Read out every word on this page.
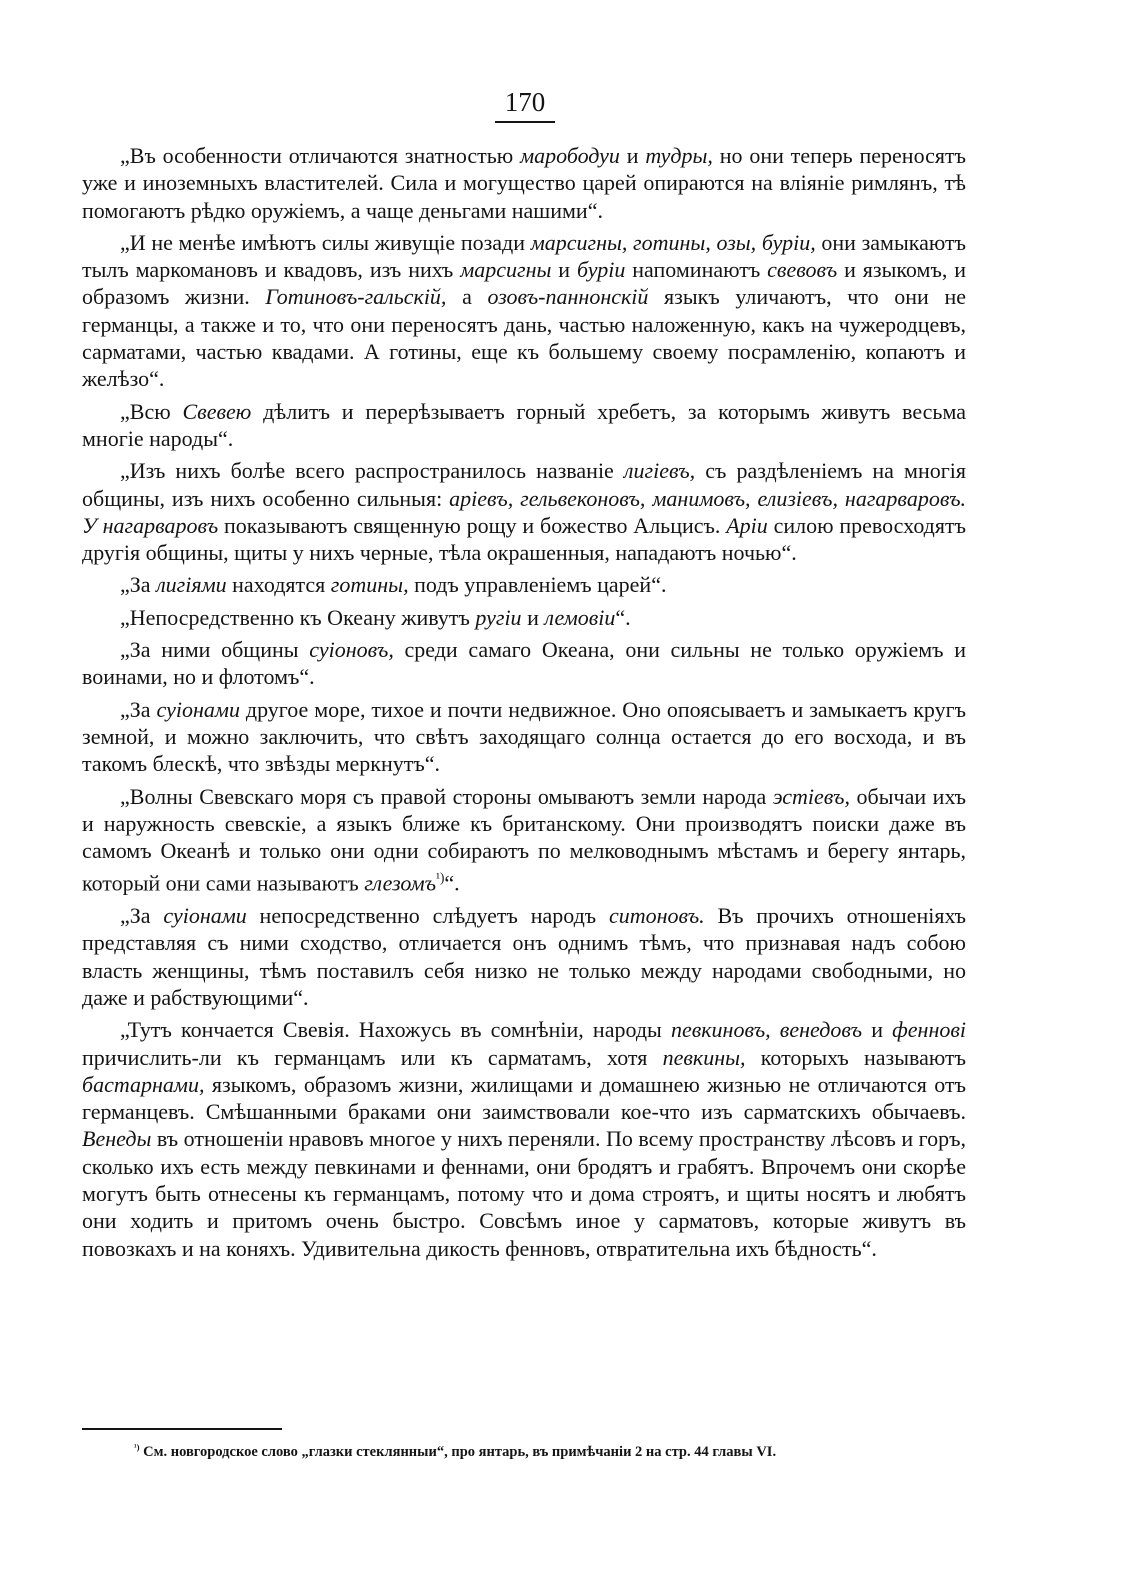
170

„Въ особенности отличаются знатностью марободуи и тудры, но они теперь переносятъ уже и иноземныхъ властителей. Сила и могущество царей опираются на вліяніе римлянъ, тѣ помогаютъ рѣдко оружіемъ, а чаще деньгами нашими“.

„И не менѣе имѣютъ силы живущіе позади марсигны, готины, озы, буріи, они замыкаютъ тылъ маркомановъ и квадовъ, изъ нихъ марсигны и буріи напоминаютъ свевовъ и языкомъ, и образомъ жизни. Готиновъ-гальскій, а озовъ-паннонскій языкъ уличаютъ, что они не германцы, а также и то, что они переносятъ дань, частью наложенную, какъ на чужеродцевъ, сарматами, частью квадами. А готины, еще къ большему своему посрамленію, копаютъ и желѣзо“.

„Всю Свевею дѣлитъ и перерѣзываетъ горный хребетъ, за которымъ живутъ весьма многіе народы“.

„Изъ нихъ болѣе всего распространилось названіе лигіевъ, съ раздѣленіемъ на многія общины, изъ нихъ особенно сильныя: аріевъ, гельвеконовъ, манимовъ, елизіевъ, нагарваровъ. У нагарваровъ показываютъ священную рощу и божество Альцисъ. Аріи силою превосходятъ другія общины, щиты у нихъ черные, тѣла окрашенныя, нападаютъ ночью“.

„За лигіями находятся готины, подъ управленіемъ царей“.

„Непосредственно къ Океану живутъ ругіи и лемовіи“.

„За ними общины суіоновъ, среди самаго Океана, они сильны не только оружіемъ и воинами, но и флотомъ“.

„За суіонами другое море, тихое и почти недвижное. Оно опоясываетъ и замыкаетъ кругъ земной, и можно заключить, что свѣтъ заходящаго солнца остается до его восхода, и въ такомъ блескѣ, что звѣзды меркнутъ“.

„Волны Свевскаго моря съ правой стороны омываютъ земли народа эстіевъ, обычаи ихъ и наружность свевскіе, а языкъ ближе къ британскому. Они производятъ поиски даже въ самомъ Океанѣ и только они одни собираютъ по мелководнымъ мѣстамъ и берегу янтарь, который они сами называютъ глезомъ$^{^1)}$“.

„За суіонами непосредственно слѣдуетъ народъ ситоновъ. Въ прочихъ отношеніяхъ представляя съ ними сходство, отличается онъ однимъ тѣмъ, что признавая надъ собою власть женщины, тѣмъ поставилъ себя низко не только между народами свободными, но даже и рабствующими“.

„Тутъ кончается Свевія. Нахожусь въ сомнѣніи, народы певкиновъ, венедовъ и феннові причислить-ли къ германцамъ или къ сарматамъ, хотя певкины, которыхъ называютъ бастарнами, языкомъ, образомъ жизни, жилищами и домашнею жизнью не отличаются отъ германцевъ. Смѣшанными браками они заимствовали кое-что изъ сарматскихъ обычаевъ. Венеды въ отношеніи нравовъ многое у нихъ переняли. По всему пространству лѣсовъ и горъ, сколько ихъ есть между певкинами и феннами, они бродятъ и грабятъ. Впрочемъ они скорѣе могутъ быть отнесены къ германцамъ, потому что и дома строятъ, и щиты носятъ и любятъ они ходить и притомъ очень быстро. Совсѣмъ иное у сарматовъ, которые живутъ въ повозкахъ и на коняхъ. Удивительна дикость фенновъ, отвратительна ихъ бѣдность“.

$^{^1)}$ См. новгородское слово „глазки стеклянныи“, про янтарь, въ примѣчаніи 2 на стр. 44 главы VI.
